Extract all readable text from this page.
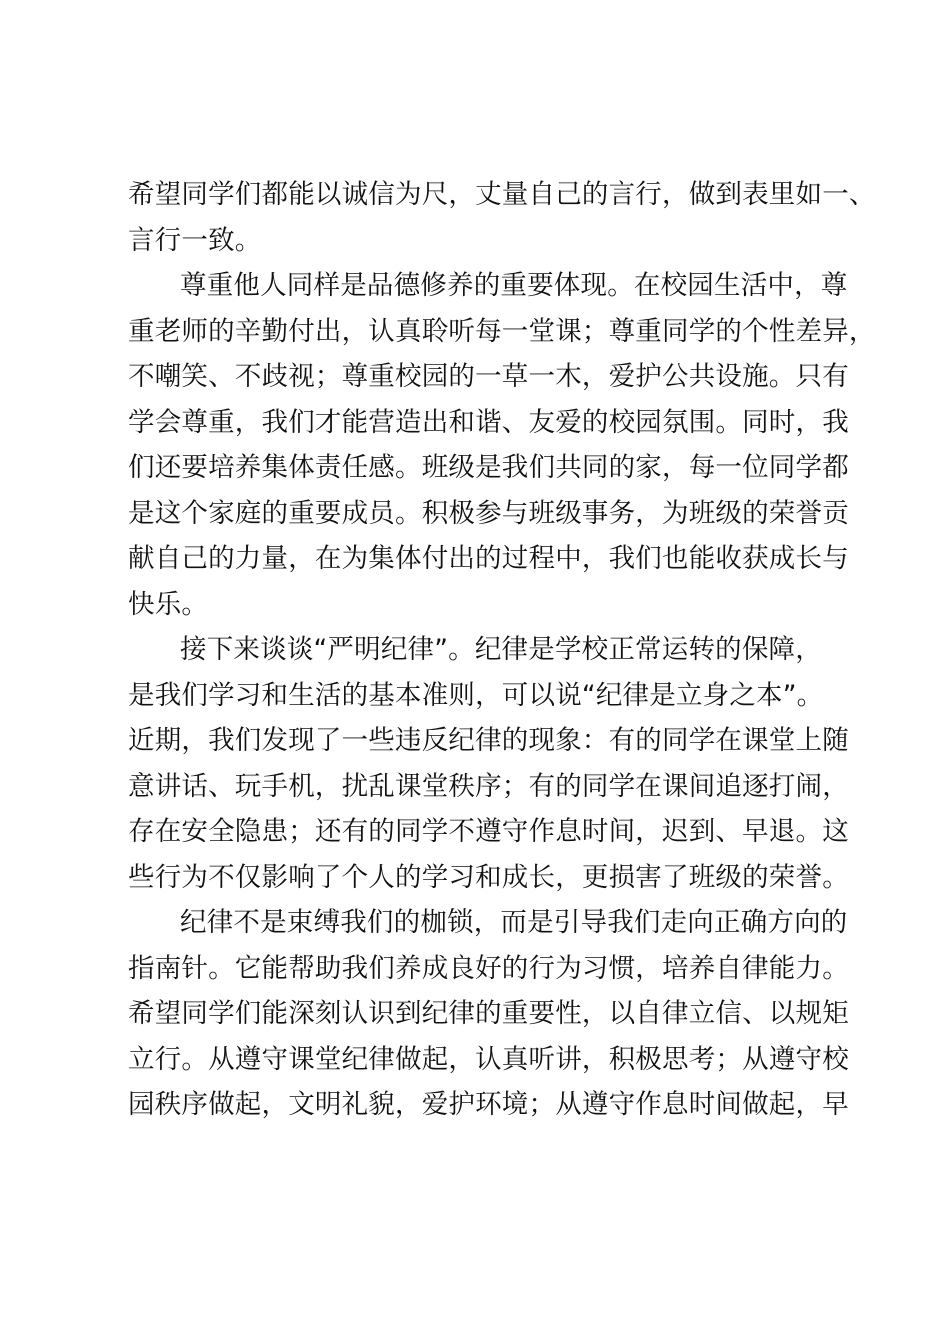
希望同学们都能以诚信为尺，丈量自己的言行，做到表里如一、
言行一致。
尊重他人同样是品德修养的重要体现。在校园生活中，尊
重老师的辛勤付出，认真聆听每一堂课；尊重同学的个性差异，
不嘲笑、不歧视；尊重校园的一草一木，爱护公共设施。只有
学会尊重，我们才能营造出和谐、友爱的校园氛围。同时，我
们还要培养集体责任感。班级是我们共同的家，每一位同学都
是这个家庭的重要成员。积极参与班级事务，为班级的荣誉贡
献自己的力量，在为集体付出的过程中，我们也能收获成长与
快乐。
接下来谈谈“严明纪律”。纪律是学校正常运转的保障，
是我们学习和生活的基本准则，可以说“纪律是立身之本”。
近期，我们发现了一些违反纪律的现象：有的同学在课堂上随
意讲话、玩手机，扰乱课堂秩序；有的同学在课间追逐打闹，
存在安全隐患；还有的同学不遵守作息时间，迟到、早退。这
些行为不仅影响了个人的学习和成长，更损害了班级的荣誉。
纪律不是束缚我们的枷锁，而是引导我们走向正确方向的
指南针。它能帮助我们养成良好的行为习惯，培养自律能力。
希望同学们能深刻认识到纪律的重要性，以自律立信、以规矩
立行。从遵守课堂纪律做起，认真听讲，积极思考；从遵守校
园秩序做起，文明礼貌，爱护环境；从遵守作息时间做起，早
